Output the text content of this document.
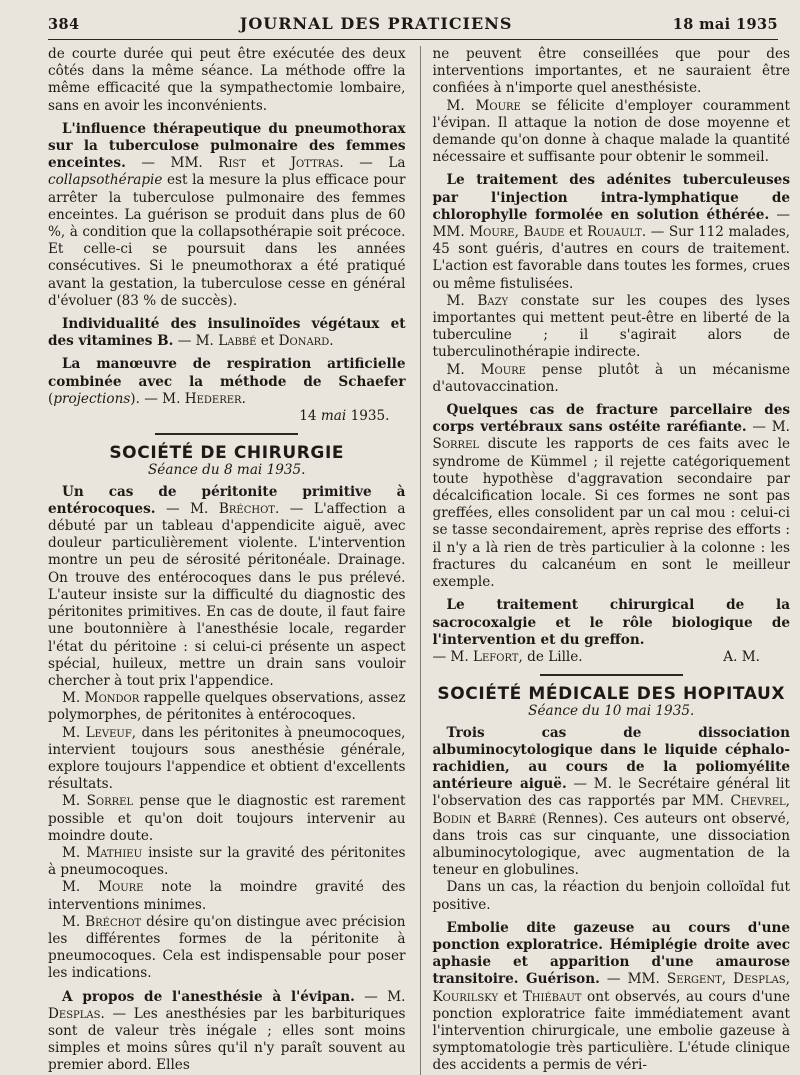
384	JOURNAL DES PRATICIENS	18 mai 1935

de courte durée qui peut être exécutée des deux côtés dans la même séance. La méthode offre la même efficacité que la sympathectomie lombaire, sans en avoir les inconvénients.

L'influence thérapeutique du pneumothorax sur la tuberculose pulmonaire des femmes enceintes. — MM. Rist et Jottras. — La collapsothérapie est la mesure la plus efficace pour arrêter la tuberculose pulmonaire des femmes enceintes. La guérison se produit dans plus de 60 %, à condition que la collapsothérapie soit précoce. Et celle-ci se poursuit dans les années consécutives. Si le pneumothorax a été pratiqué avant la gestation, la tuberculose cesse en général d'évoluer (83 % de succès).

Individualité des insulinoïdes végétaux et des vitamines B. — M. Labbé et Donard.

La manœuvre de respiration artificielle combinée avec la méthode de Schaefer (projections). — M. Hederer.

14 mai 1935.
SOCIÉTÉ DE CHIRURGIE
Séance du 8 mai 1935.

Un cas de péritonite primitive à entérocoques. — M. Bréchot. — L'affection a débuté par un tableau d'appendicite aiguë, avec douleur particulièrement violente. L'intervention montre un peu de sérosité péritonéale. Drainage. On trouve des entérocoques dans le pus prélevé. L'auteur insiste sur la difficulté du diagnostic des péritonites primitives. En cas de doute, il faut faire une boutonnière à l'anesthésie locale, regarder l'état du péritoine : si celui-ci présente un aspect spécial, huileux, mettre un drain sans vouloir chercher à tout prix l'appendice.

M. Mondor rappelle quelques observations, assez polymorphes, de péritonites à entérocoques.

M. Leveuf, dans les péritonites à pneumocoques, intervient toujours sous anesthésie générale, explore toujours l'appendice et obtient d'excellents résultats.

M. Sorrel pense que le diagnostic est rarement possible et qu'on doit toujours intervenir au moindre doute.

M. Mathieu insiste sur la gravité des péritonites à pneumocoques.

M. Moure note la moindre gravité des interventions minimes.

M. Bréchot désire qu'on distingue avec précision les différentes formes de la péritonite à pneumocoques. Cela est indispensable pour poser les indications.

A propos de l'anesthésie à l'évipan. — M. Desplas. — Les anesthésies par les barbituriques sont de valeur très inégale ; elles sont moins simples et moins sûres qu'il n'y paraît souvent au premier abord. Elles

ne peuvent être conseillées que pour des interventions importantes, et ne sauraient être confiées à n'importe quel anesthésiste.

M. Moure se félicite d'employer couramment l'évipan. Il attaque la notion de dose moyenne et demande qu'on donne à chaque malade la quantité nécessaire et suffisante pour obtenir le sommeil.

Le traitement des adénites tuberculeuses par l'injection intra-lymphatique de chlorophylle formolée en solution éthérée. — MM. Moure, Baude et Rouault. — Sur 112 malades, 45 sont guéris, d'autres en cours de traitement. L'action est favorable dans toutes les formes, crues ou même fistulisées.

M. Bazy constate sur les coupes des lyses importantes qui mettent peut-être en liberté de la tuberculine ; il s'agirait alors de tuberculinothérapie indirecte.

M. Moure pense plutôt à un mécanisme d'autovaccination.

Quelques cas de fracture parcellaire des corps vertébraux sans ostéite raréfiante. — M. Sorrel discute les rapports de ces faits avec le syndrome de Kümmel ; il rejette catégoriquement toute hypothèse d'aggravation secondaire par décalcification locale. Si ces formes ne sont pas greffées, elles consolident par un cal mou : celui-ci se tasse secondairement, après reprise des efforts : il n'y a là rien de très particulier à la colonne : les fractures du calcanéum en sont le meilleur exemple.

Le traitement chirurgical de la sacrocoxalgie et le rôle biologique de l'intervention et du greffon.

— M. Lefort, de Lille.	A. M.
SOCIÉTÉ MÉDICALE DES HOPITAUX
Séance du 10 mai 1935.

Trois cas de dissociation albuminocytologique dans le liquide céphalo-rachidien, au cours de la poliomyélite antérieure aiguë. — M. le Secrétaire général lit l'observation des cas rapportés par MM. Chevrel, Bodin et Barré (Rennes). Ces auteurs ont observé, dans trois cas sur cinquante, une dissociation albuminocytologique, avec augmentation de la teneur en globulines.

Dans un cas, la réaction du benjoin colloïdal fut positive.

Embolie dite gazeuse au cours d'une ponction exploratrice. Hémiplégie droite avec aphasie et apparition d'une amaurose transitoire. Guérison. — MM. Sergent, Desplas, Kourilsky et Thiébaut ont observés, au cours d'une ponction exploratrice faite immédiatement avant l'intervention chirurgicale, une embolie gazeuse à symptomatologie très particulière. L'étude clinique des accidents a permis de véri-
